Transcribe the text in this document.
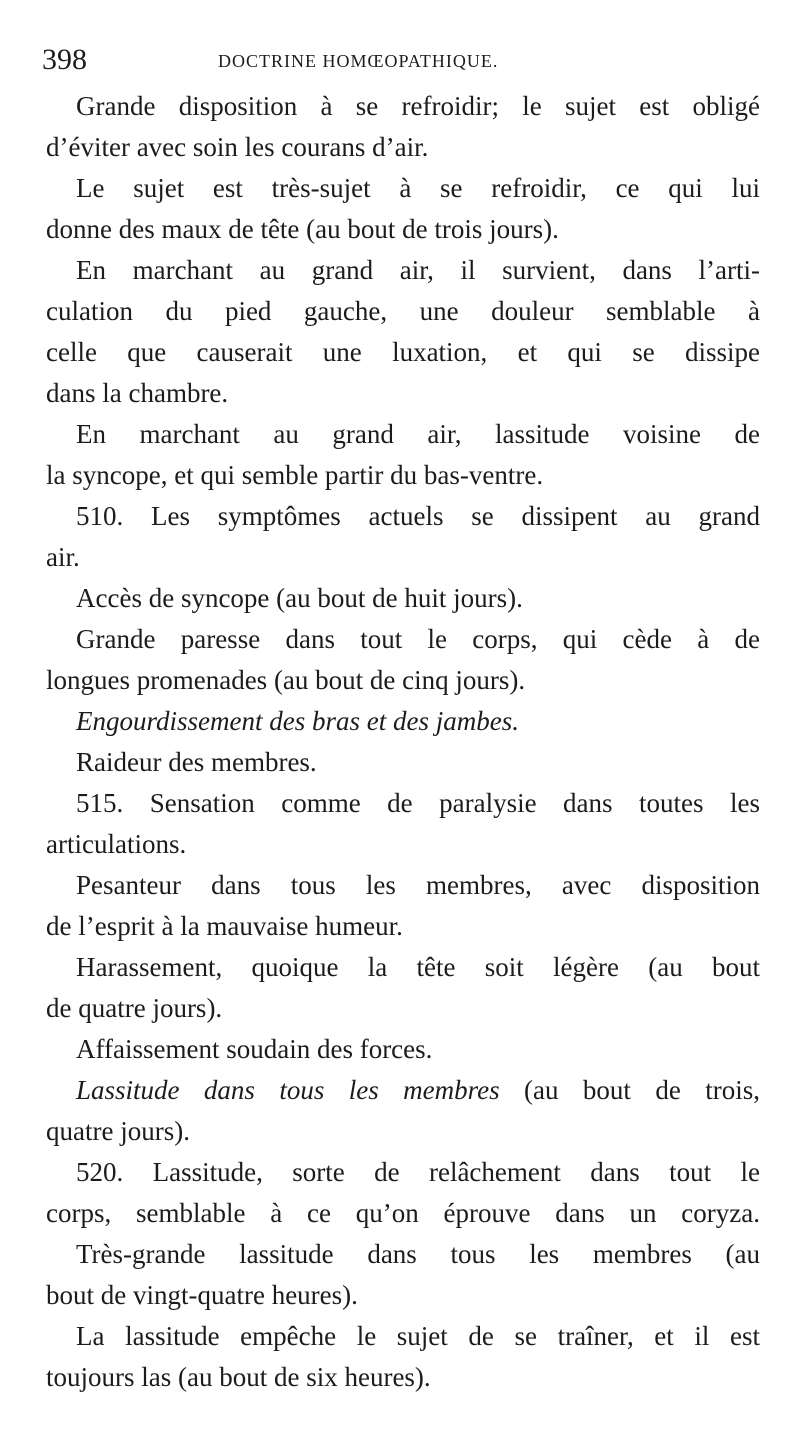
398	DOCTRINE HOMŒOPATHIQUE.
Grande disposition à se refroidir; le sujet est obligé
d’éviter avec soin les courans d’air.
Le sujet est très-sujet à se refroidir, ce qui lui
donne des maux de tête (au bout de trois jours).
En marchant au grand air, il survient, dans l’arti-
culation du pied gauche, une douleur semblable à
celle que causerait une luxation, et qui se dissipe
dans la chambre.
En marchant au grand air, lassitude voisine de
la syncope, et qui semble partir du bas-ventre.
510. Les symptômes actuels se dissipent au grand
air.
Accès de syncope (au bout de huit jours).
Grande paresse dans tout le corps, qui cède à de
longues promenades (au bout de cinq jours).
Engourdissement des bras et des jambes.
Raideur des membres.
515. Sensation comme de paralysie dans toutes les
articulations.
Pesanteur dans tous les membres, avec disposition
de l’esprit à la mauvaise humeur.
Harassement, quoique la tête soit légère (au bout
de quatre jours).
Affaissement soudain des forces.
Lassitude dans tous les membres (au bout de trois,
quatre jours).
520. Lassitude, sorte de relâchement dans tout le
corps, semblable à ce qu’on éprouve dans un coryza.
Très-grande lassitude dans tous les membres (au
bout de vingt-quatre heures).
La lassitude empêche le sujet de se traîner, et il est
toujours las (au bout de six heures).
